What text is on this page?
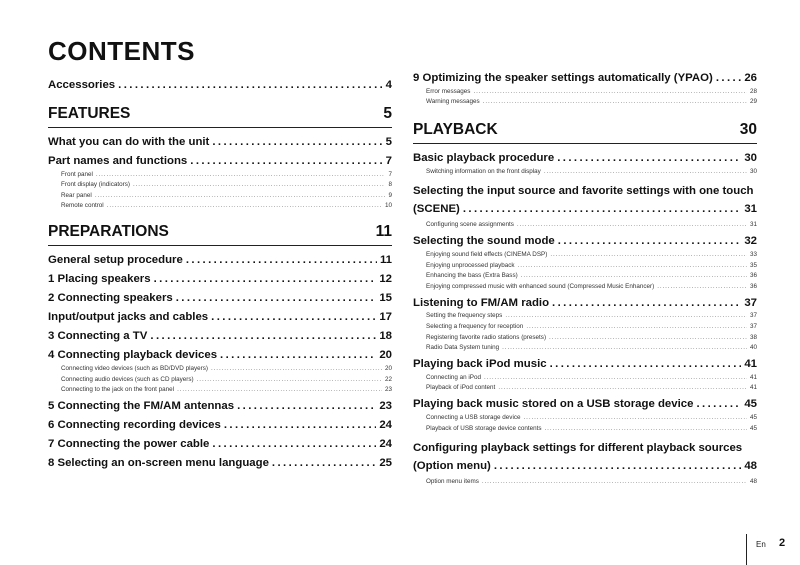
CONTENTS
Accessories .....	4
FEATURES	5
What you can do with the unit .....	5
Part names and functions .....	7
Front panel .....	7
Front display (indicators) .....	8
Rear panel .....	9
Remote control .....	10
PREPARATIONS	11
General setup procedure .....	11
1 Placing speakers .....	12
2 Connecting speakers .....	15
Input/output jacks and cables .....	17
3 Connecting a TV .....	18
4 Connecting playback devices .....	20
Connecting video devices (such as BD/DVD players) .....	20
Connecting audio devices (such as CD players) .....	22
Connecting to the jack on the front panel .....	23
5 Connecting the FM/AM antennas .....	23
6 Connecting recording devices .....	24
7 Connecting the power cable .....	24
8 Selecting an on-screen menu language .....	25
9 Optimizing the speaker settings automatically (YPAO) .....	26
Error messages .....	28
Warning messages .....	29
PLAYBACK	30
Basic playback procedure .....	30
Switching information on the front display .....	30
Selecting the input source and favorite settings with one touch
(SCENE) .....	31
Configuring scene assignments .....	31
Selecting the sound mode .....	32
Enjoying sound field effects (CINEMA DSP) .....	33
Enjoying unprocessed playback .....	35
Enhancing the bass (Extra Bass) .....	36
Enjoying compressed music with enhanced sound (Compressed Music Enhancer) .....	36
Listening to FM/AM radio .....	37
Setting the frequency steps .....	37
Selecting a frequency for reception .....	37
Registering favorite radio stations (presets) .....	38
Radio Data System tuning .....	40
Playing back iPod music .....	41
Connecting an iPod .....	41
Playback of iPod content .....	41
Playing back music stored on a USB storage device .....	45
Connecting a USB storage device .....	45
Playback of USB storage device contents .....	45
Configuring playback settings for different playback sources
(Option menu) .....	48
Option menu items .....	48
En 2
